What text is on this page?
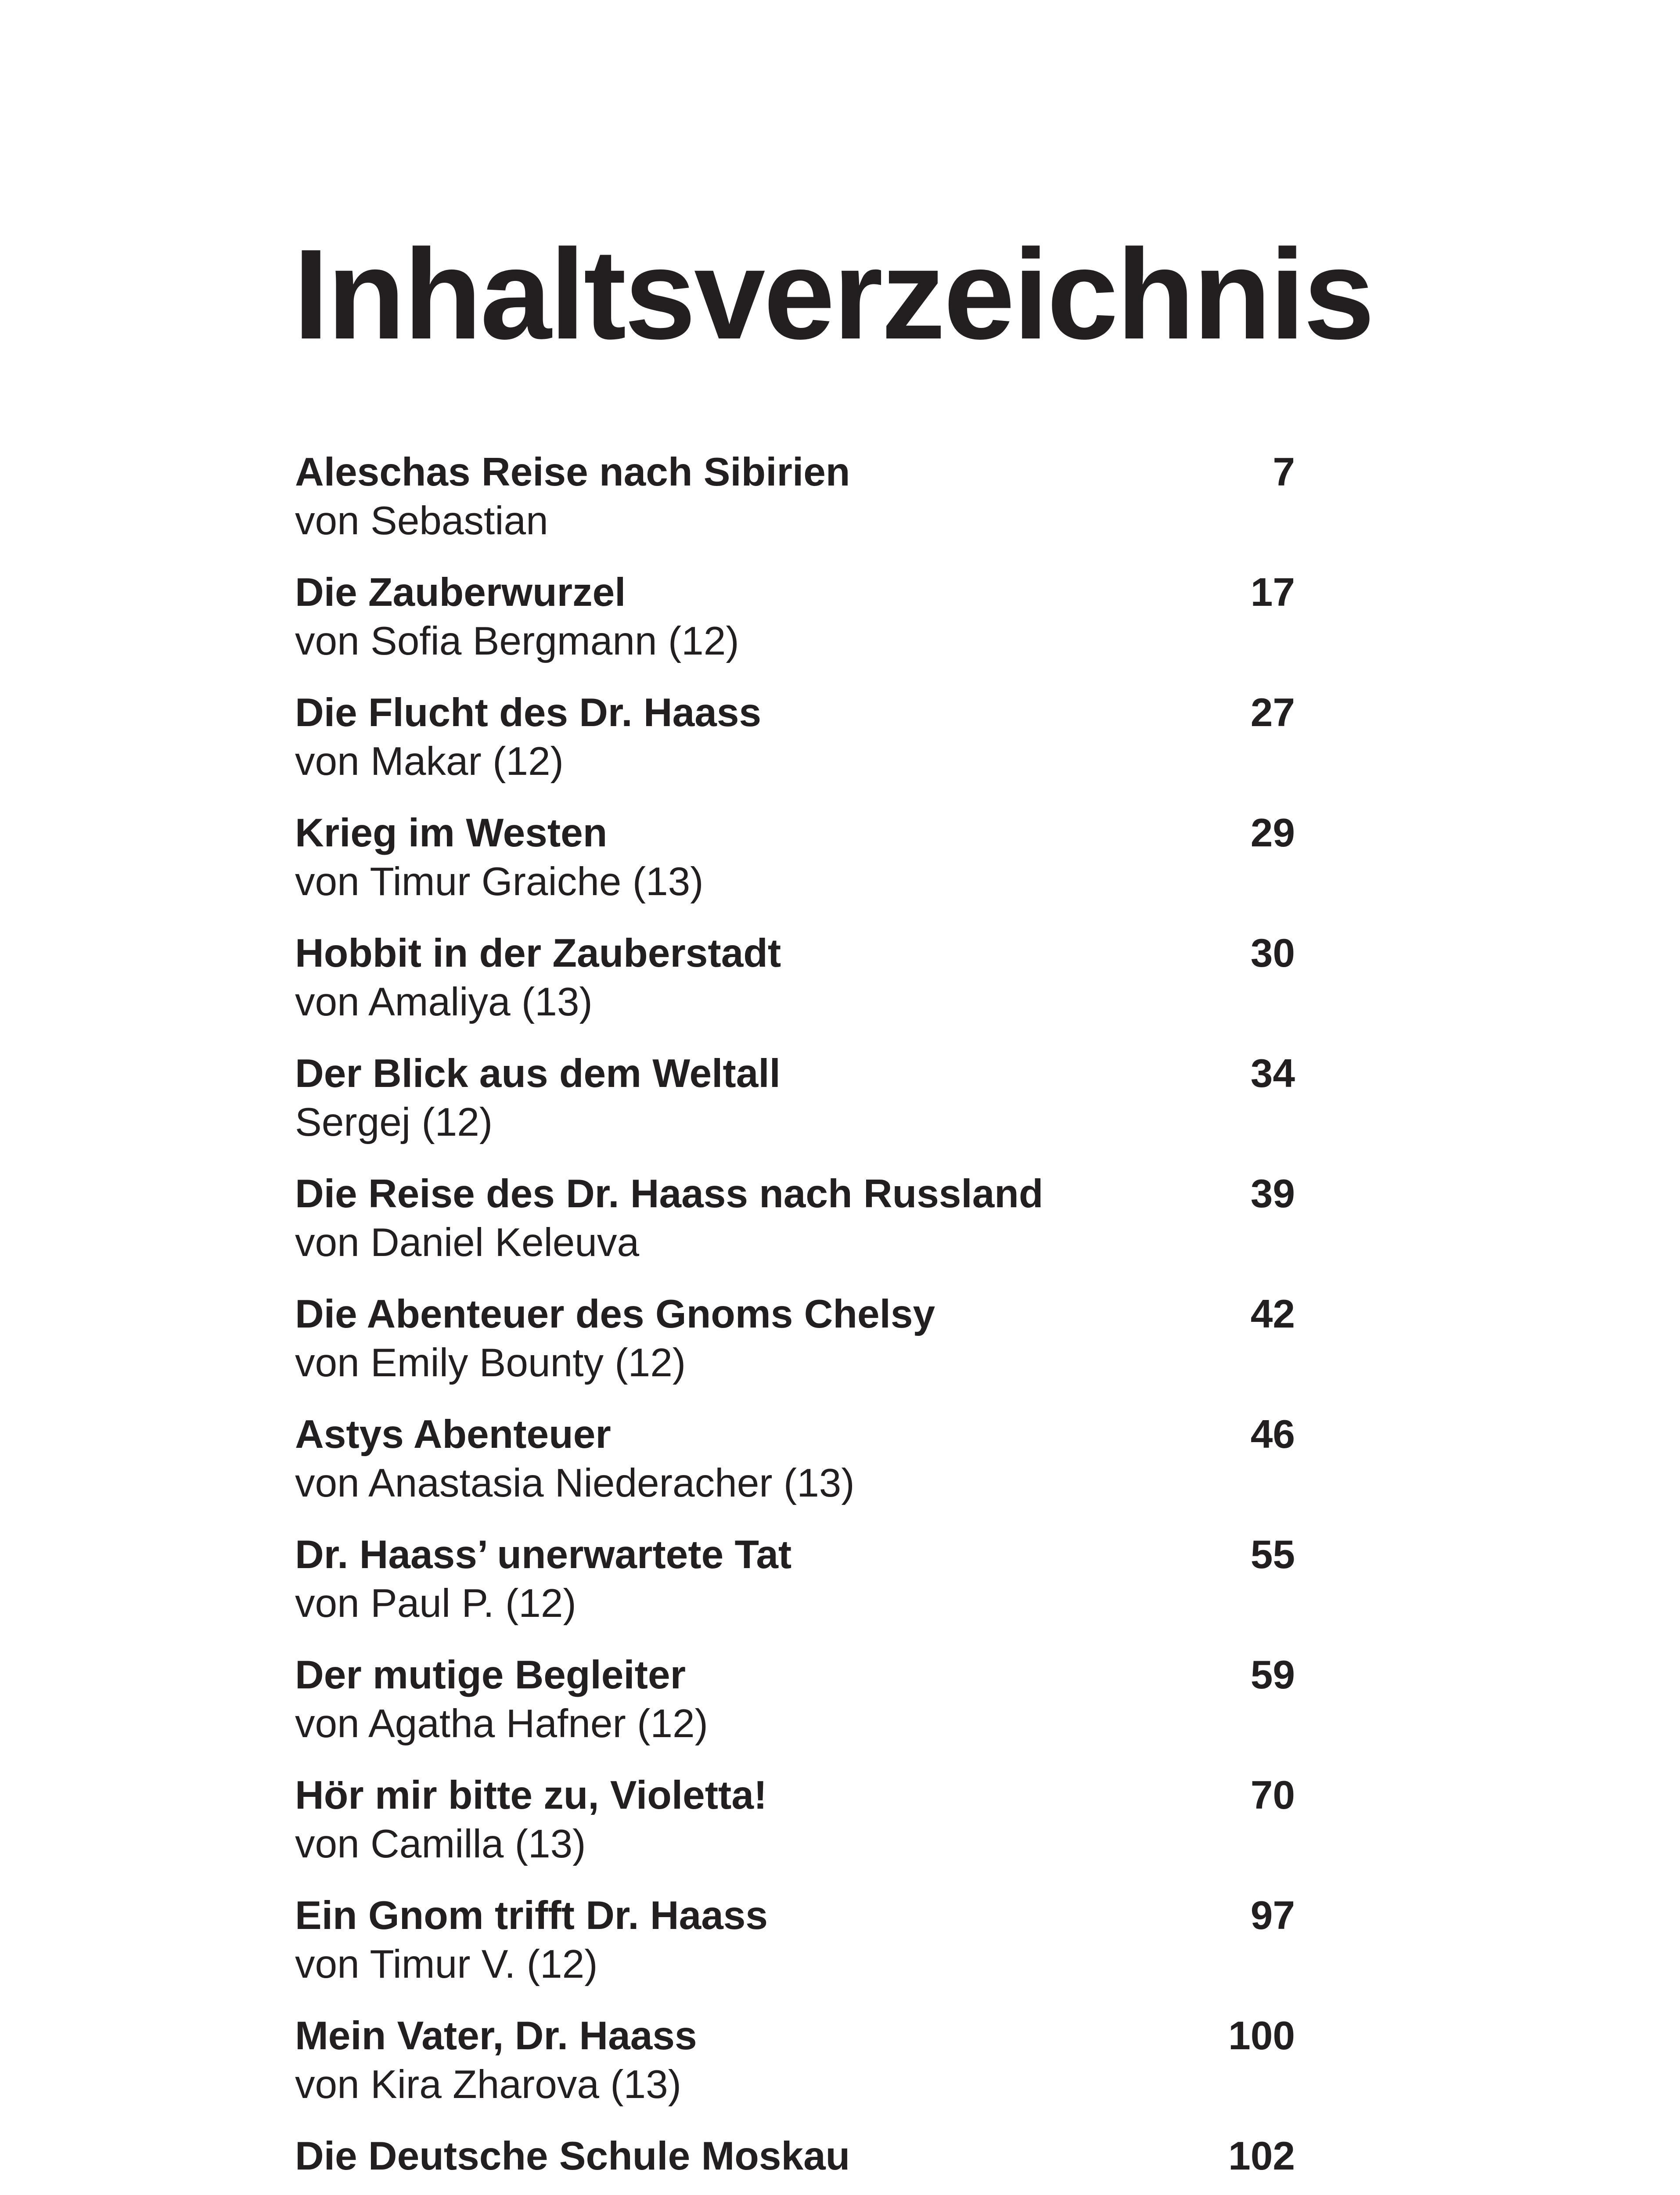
Inhaltsverzeichnis
Aleschas Reise nach Sibirien	7
von Sebastian
Die Zauberwurzel	17
von Sofia Bergmann (12)
Die Flucht des Dr. Haass	27
von Makar (12)
Krieg im Westen	29
von Timur Graiche (13)
Hobbit in der Zauberstadt	30
von Amaliya (13)
Der Blick aus dem Weltall	34
Sergej (12)
Die Reise des Dr. Haass nach Russland	39
von Daniel Keleuva
Die Abenteuer des Gnoms Chelsy	42
von Emily Bounty (12)
Astys Abenteuer	46
von Anastasia Niederacher (13)
Dr. Haass’ unerwartete Tat	55
von Paul P. (12)
Der mutige Begleiter	59
von Agatha Hafner (12)
Hör mir bitte zu, Violetta!	70
von Camilla (13)
Ein Gnom trifft Dr. Haass	97
von Timur V. (12)
Mein Vater, Dr. Haass	100
von Kira Zharova (13)
Die Deutsche Schule Moskau	102
